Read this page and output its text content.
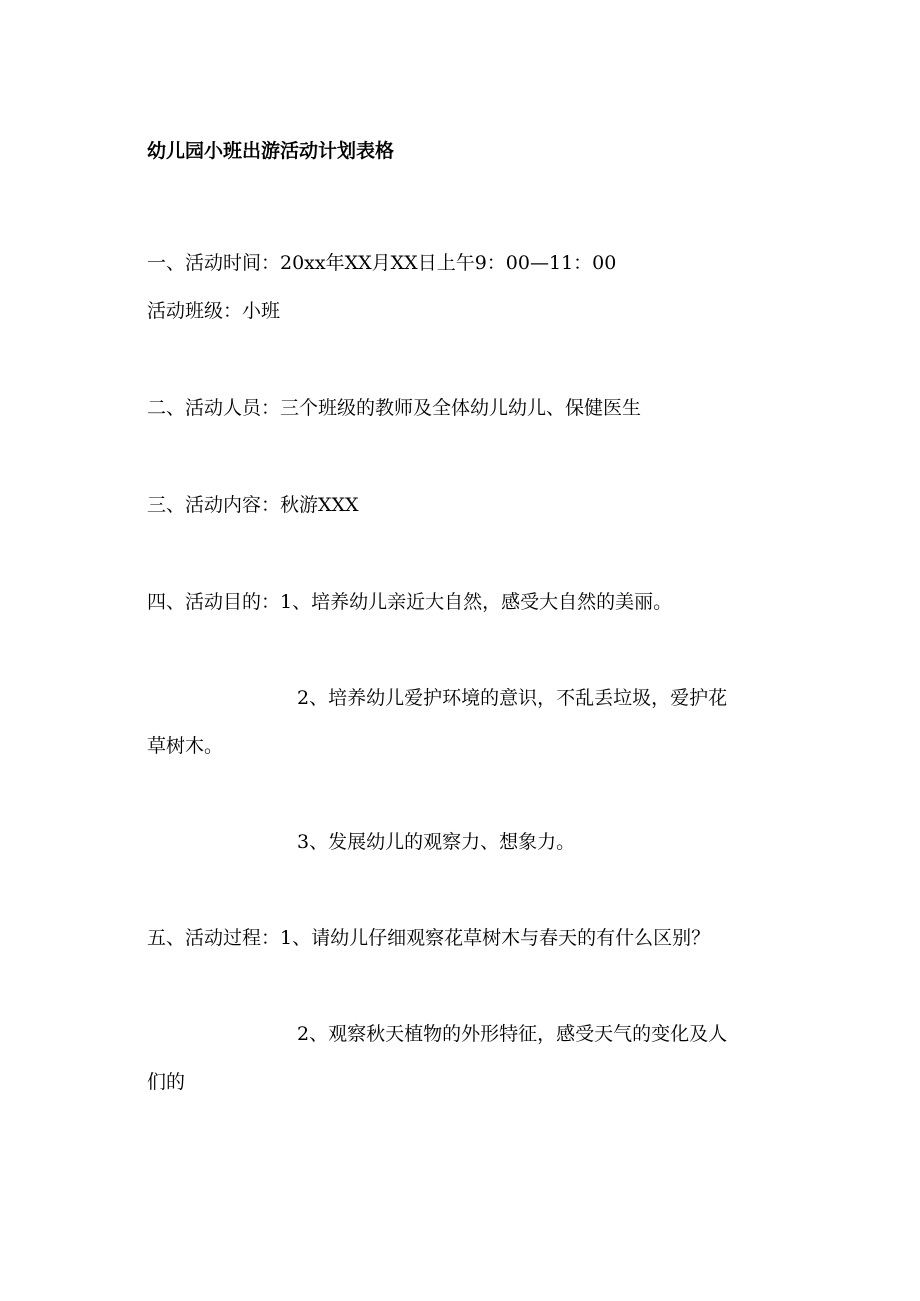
幼儿园小班出游活动计划表格
一、活动时间：20xx年XX月XX日上午9：00—11：00
活动班级：小班
二、活动人员：三个班级的教师及全体幼儿幼儿、保健医生
三、活动内容：秋游XXX
四、活动目的：1、培养幼儿亲近大自然，感受大自然的美丽。
2、培养幼儿爱护环境的意识，不乱丢垃圾，爱护花
草树木。
3、发展幼儿的观察力、想象力。
五、活动过程：1、请幼儿仔细观察花草树木与春天的有什么区别？
2、观察秋天植物的外形特征，感受天气的变化及人
们的
